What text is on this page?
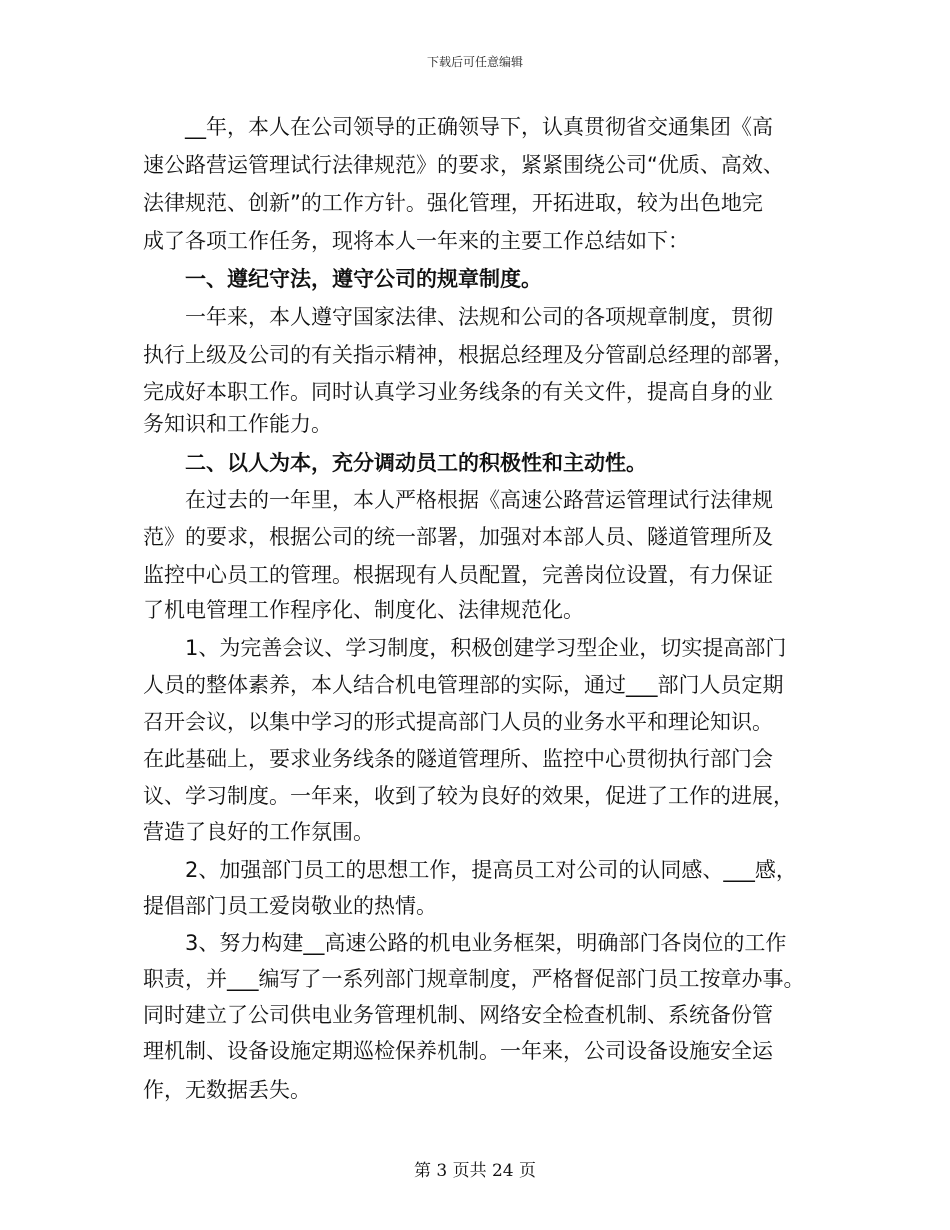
下载后可任意编辑
__年，本人在公司领导的正确领导下，认真贯彻省交通集团《高
速公路营运管理试行法律规范》的要求，紧紧围绕公司“优质、高效、
法律规范、创新”的工作方针。强化管理，开拓进取，较为出色地完
成了各项工作任务，现将本人一年来的主要工作总结如下：
一、遵纪守法，遵守公司的规章制度。
一年来，本人遵守国家法律、法规和公司的各项规章制度，贯彻
执行上级及公司的有关指示精神，根据总经理及分管副总经理的部署，
完成好本职工作。同时认真学习业务线条的有关文件，提高自身的业
务知识和工作能力。
二、以人为本，充分调动员工的积极性和主动性。
在过去的一年里，本人严格根据《高速公路营运管理试行法律规
范》的要求，根据公司的统一部署，加强对本部人员、隧道管理所及
监控中心员工的管理。根据现有人员配置，完善岗位设置，有力保证
了机电管理工作程序化、制度化、法律规范化。
1、为完善会议、学习制度，积极创建学习型企业，切实提高部门
人员的整体素养，本人结合机电管理部的实际，通过___部门人员定期
召开会议，以集中学习的形式提高部门人员的业务水平和理论知识。
在此基础上，要求业务线条的隧道管理所、监控中心贯彻执行部门会
议、学习制度。一年来，收到了较为良好的效果，促进了工作的进展，
营造了良好的工作氛围。
2、加强部门员工的思想工作，提高员工对公司的认同感、___感，
提倡部门员工爱岗敬业的热情。
3、努力构建__高速公路的机电业务框架，明确部门各岗位的工作
职责，并___编写了一系列部门规章制度，严格督促部门员工按章办事。
同时建立了公司供电业务管理机制、网络安全检查机制、系统备份管
理机制、设备设施定期巡检保养机制。一年来，公司设备设施安全运
作，无数据丢失。
第 3 页共 24 页
